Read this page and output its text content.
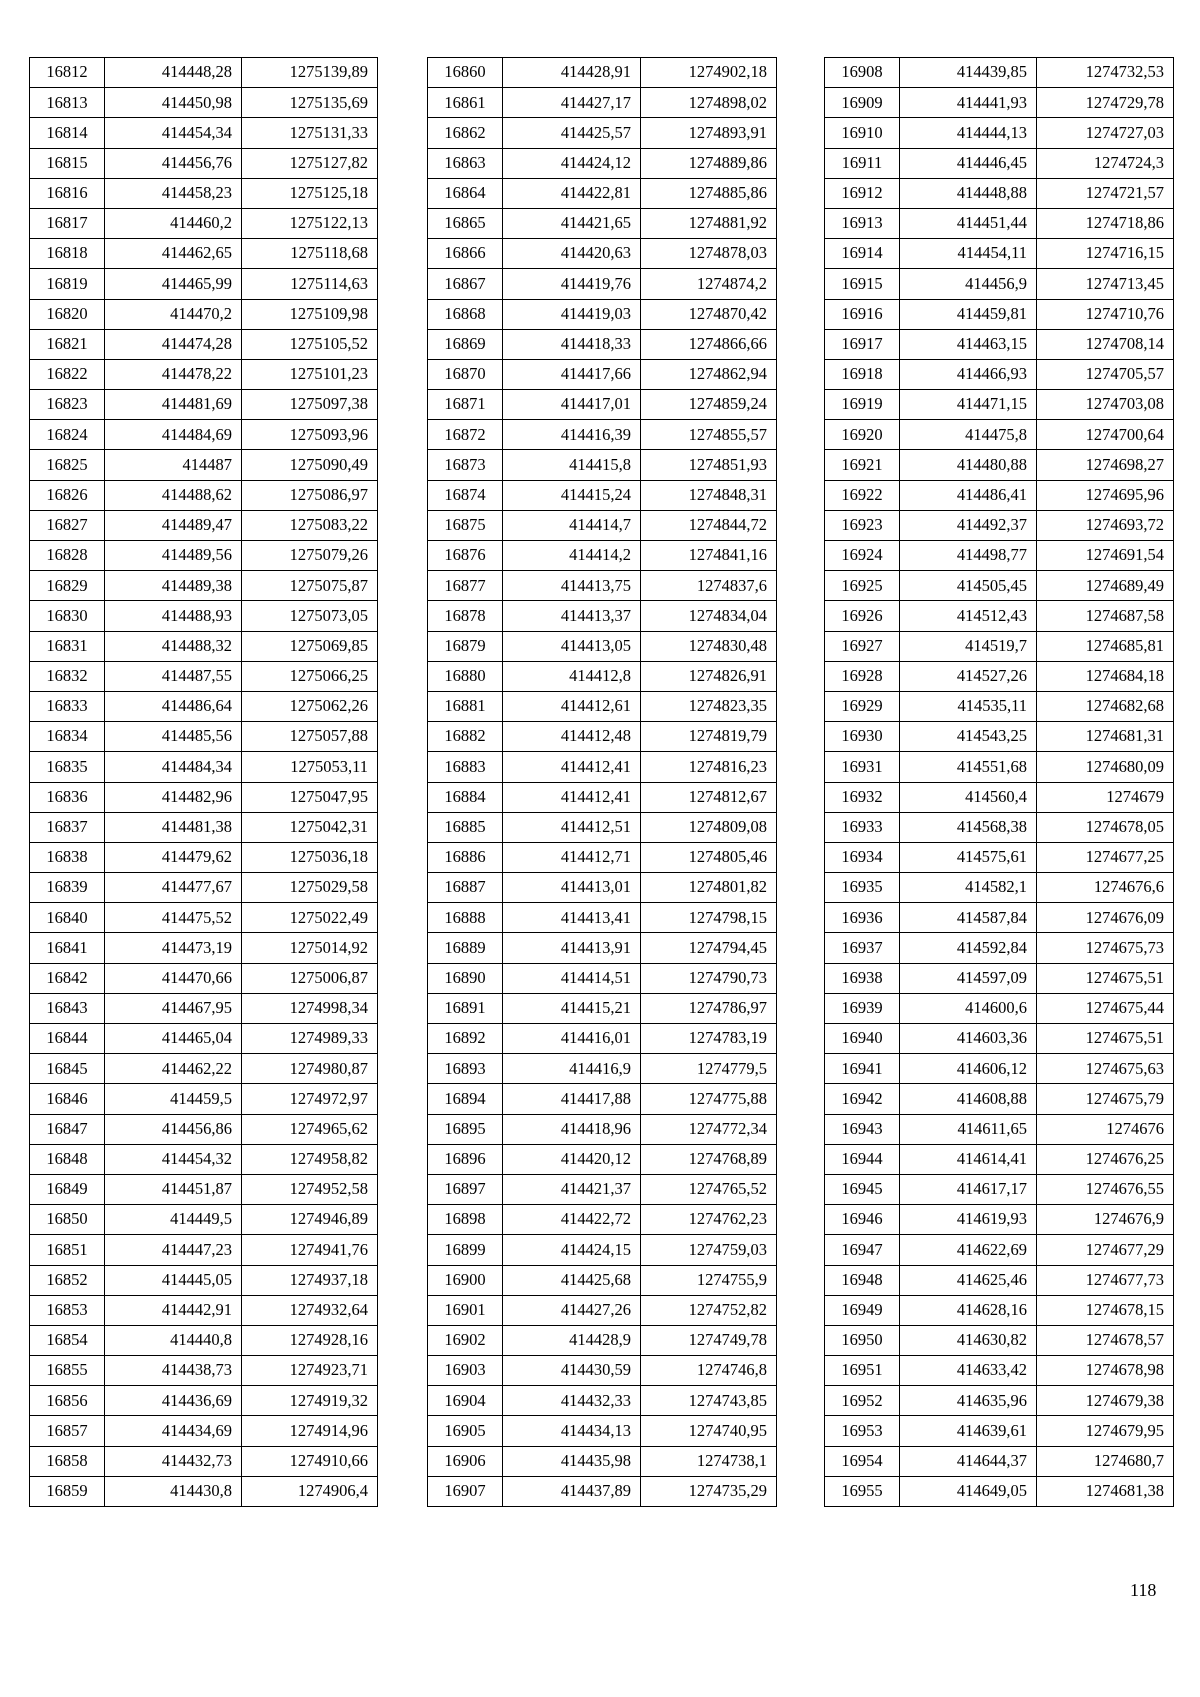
16812	414448,28	1275139,89
16813	414450,98	1275135,69
16814	414454,34	1275131,33
16815	414456,76	1275127,82
16816	414458,23	1275125,18
16817	414460,2	1275122,13
16818	414462,65	1275118,68
16819	414465,99	1275114,63
16820	414470,2	1275109,98
16821	414474,28	1275105,52
16822	414478,22	1275101,23
16823	414481,69	1275097,38
16824	414484,69	1275093,96
16825	414487	1275090,49
16826	414488,62	1275086,97
16827	414489,47	1275083,22
16828	414489,56	1275079,26
16829	414489,38	1275075,87
16830	414488,93	1275073,05
16831	414488,32	1275069,85
16832	414487,55	1275066,25
16833	414486,64	1275062,26
16834	414485,56	1275057,88
16835	414484,34	1275053,11
16836	414482,96	1275047,95
16837	414481,38	1275042,31
16838	414479,62	1275036,18
16839	414477,67	1275029,58
16840	414475,52	1275022,49
16841	414473,19	1275014,92
16842	414470,66	1275006,87
16843	414467,95	1274998,34
16844	414465,04	1274989,33
16845	414462,22	1274980,87
16846	414459,5	1274972,97
16847	414456,86	1274965,62
16848	414454,32	1274958,82
16849	414451,87	1274952,58
16850	414449,5	1274946,89
16851	414447,23	1274941,76
16852	414445,05	1274937,18
16853	414442,91	1274932,64
16854	414440,8	1274928,16
16855	414438,73	1274923,71
16856	414436,69	1274919,32
16857	414434,69	1274914,96
16858	414432,73	1274910,66
16859	414430,8	1274906,4
16860	414428,91	1274902,18
16861	414427,17	1274898,02
16862	414425,57	1274893,91
16863	414424,12	1274889,86
16864	414422,81	1274885,86
16865	414421,65	1274881,92
16866	414420,63	1274878,03
16867	414419,76	1274874,2
16868	414419,03	1274870,42
16869	414418,33	1274866,66
16870	414417,66	1274862,94
16871	414417,01	1274859,24
16872	414416,39	1274855,57
16873	414415,8	1274851,93
16874	414415,24	1274848,31
16875	414414,7	1274844,72
16876	414414,2	1274841,16
16877	414413,75	1274837,6
16878	414413,37	1274834,04
16879	414413,05	1274830,48
16880	414412,8	1274826,91
16881	414412,61	1274823,35
16882	414412,48	1274819,79
16883	414412,41	1274816,23
16884	414412,41	1274812,67
16885	414412,51	1274809,08
16886	414412,71	1274805,46
16887	414413,01	1274801,82
16888	414413,41	1274798,15
16889	414413,91	1274794,45
16890	414414,51	1274790,73
16891	414415,21	1274786,97
16892	414416,01	1274783,19
16893	414416,9	1274779,5
16894	414417,88	1274775,88
16895	414418,96	1274772,34
16896	414420,12	1274768,89
16897	414421,37	1274765,52
16898	414422,72	1274762,23
16899	414424,15	1274759,03
16900	414425,68	1274755,9
16901	414427,26	1274752,82
16902	414428,9	1274749,78
16903	414430,59	1274746,8
16904	414432,33	1274743,85
16905	414434,13	1274740,95
16906	414435,98	1274738,1
16907	414437,89	1274735,29
16908	414439,85	1274732,53
16909	414441,93	1274729,78
16910	414444,13	1274727,03
16911	414446,45	1274724,3
16912	414448,88	1274721,57
16913	414451,44	1274718,86
16914	414454,11	1274716,15
16915	414456,9	1274713,45
16916	414459,81	1274710,76
16917	414463,15	1274708,14
16918	414466,93	1274705,57
16919	414471,15	1274703,08
16920	414475,8	1274700,64
16921	414480,88	1274698,27
16922	414486,41	1274695,96
16923	414492,37	1274693,72
16924	414498,77	1274691,54
16925	414505,45	1274689,49
16926	414512,43	1274687,58
16927	414519,7	1274685,81
16928	414527,26	1274684,18
16929	414535,11	1274682,68
16930	414543,25	1274681,31
16931	414551,68	1274680,09
16932	414560,4	1274679
16933	414568,38	1274678,05
16934	414575,61	1274677,25
16935	414582,1	1274676,6
16936	414587,84	1274676,09
16937	414592,84	1274675,73
16938	414597,09	1274675,51
16939	414600,6	1274675,44
16940	414603,36	1274675,51
16941	414606,12	1274675,63
16942	414608,88	1274675,79
16943	414611,65	1274676
16944	414614,41	1274676,25
16945	414617,17	1274676,55
16946	414619,93	1274676,9
16947	414622,69	1274677,29
16948	414625,46	1274677,73
16949	414628,16	1274678,15
16950	414630,82	1274678,57
16951	414633,42	1274678,98
16952	414635,96	1274679,38
16953	414639,61	1274679,95
16954	414644,37	1274680,7
16955	414649,05	1274681,38
118
